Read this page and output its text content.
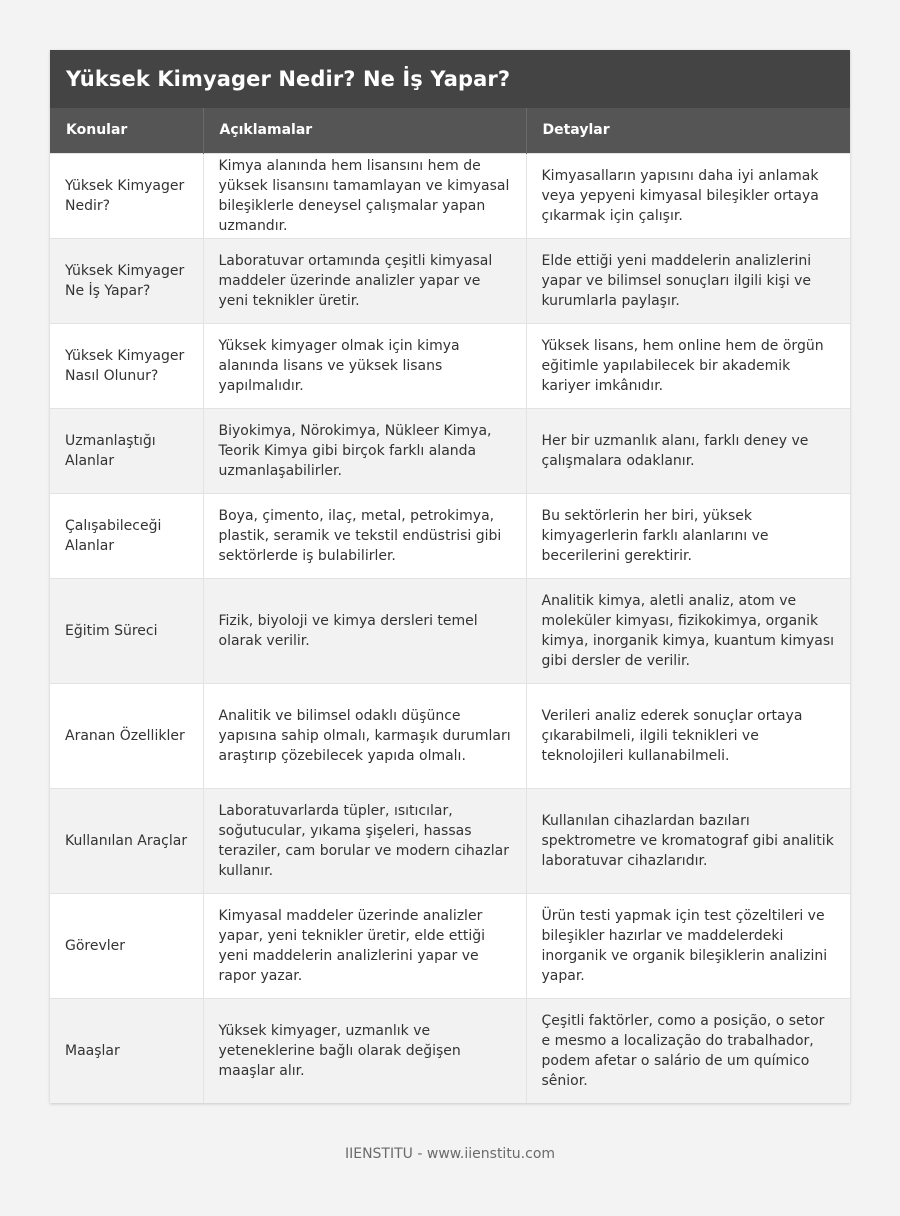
Yüksek Kimyager Nedir? Ne İş Yapar?
Konular	Açıklamalar	Detaylar
Yüksek Kimyager Nedir?	Kimya alanında hem lisansını hem de yüksek lisansını tamamlayan ve kimyasal bileşiklerle deneysel çalışmalar yapan uzmandır.	Kimyasalların yapısını daha iyi anlamak veya yepyeni kimyasal bileşikler ortaya çıkarmak için çalışır.
Yüksek Kimyager Ne İş Yapar?	Laboratuvar ortamında çeşitli kimyasal maddeler üzerinde analizler yapar ve yeni teknikler üretir.	Elde ettiği yeni maddelerin analizlerini yapar ve bilimsel sonuçları ilgili kişi ve kurumlarla paylaşır.
Yüksek Kimyager Nasıl Olunur?	Yüksek kimyager olmak için kimya alanında lisans ve yüksek lisans yapılmalıdır.	Yüksek lisans, hem online hem de örgün eğitimle yapılabilecek bir akademik kariyer imkânıdır.
Uzmanlaştığı Alanlar	Biyokimya, Nörokimya, Nükleer Kimya, Teorik Kimya gibi birçok farklı alanda uzmanlaşabilirler.	Her bir uzmanlık alanı, farklı deney ve çalışmalara odaklanır.
Çalışabileceği Alanlar	Boya, çimento, ilaç, metal, petrokimya, plastik, seramik ve tekstil endüstrisi gibi sektörlerde iş bulabilirler.	Bu sektörlerin her biri, yüksek kimyagerlerin farklı alanlarını ve becerilerini gerektirir.
Eğitim Süreci	Fizik, biyoloji ve kimya dersleri temel olarak verilir.	Analitik kimya, aletli analiz, atom ve moleküler kimyası, fizikokimya, organik kimya, inorganik kimya, kuantum kimyası gibi dersler de verilir.
Aranan Özellikler	Analitik ve bilimsel odaklı düşünce yapısına sahip olmalı, karmaşık durumları araştırıp çözebilecek yapıda olmalı.	Verileri analiz ederek sonuçlar ortaya çıkarabilmeli, ilgili teknikleri ve teknolojileri kullanabilmeli.
Kullanılan Araçlar	Laboratuvarlarda tüpler, ısıtıcılar, soğutucular, yıkama şişeleri, hassas teraziler, cam borular ve modern cihazlar kullanır.	Kullanılan cihazlardan bazıları spektrometre ve kromatograf gibi analitik laboratuvar cihazlarıdır.
Görevler	Kimyasal maddeler üzerinde analizler yapar, yeni teknikler üretir, elde ettiği yeni maddelerin analizlerini yapar ve rapor yazar.	Ürün testi yapmak için test çözeltileri ve bileşikler hazırlar ve maddelerdeki inorganik ve organik bileşiklerin analizini yapar.
Maaşlar	Yüksek kimyager, uzmanlık ve yeteneklerine bağlı olarak değişen maaşlar alır.	Çeşitli faktörler, como a posição, o setor e mesmo a localização do trabalhador, podem afetar o salário de um químico sênior.
IIENSTITU - www.iienstitu.com
